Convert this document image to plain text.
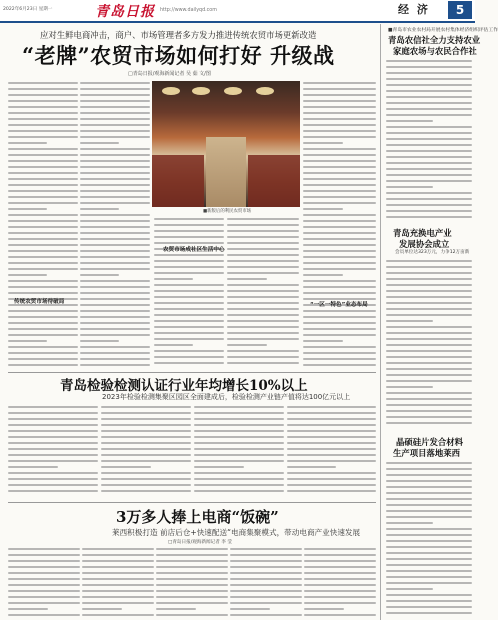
2022年6月23日 星期一	青岛日报 http://www.dailyqd.com	经 济	5
应对生鲜电商冲击，商户、市场管理者多方发力推进传统农贸市场更新改造
“老牌”农贸市场如何打好 升级战
□青岛日报/观海新闻记者 吴 茹 文/图
传统农贸市场待破局
农贸市场成社区生活中心
“一区一特色”业态布局
■新版后的利民农贸市场
青岛检验检测认证行业年均增长10%以上
2023年检验检测集聚区园区全面建成后，检验检测产业链产值将达100亿元以上
3万多人捧上电商“饭碗”
莱西积极打造 前店后仓+快速配送“电商集聚模式，带动电商产业快速发展
□青岛日报/观海新闻记者 李 莹
■青岛市农业农村局开展农村集体经济组织评估工作
青岛农信社全力支持农业
家庭农场与农民合作社
青岛充换电产业
发展协会成立
会员单位达323万元，力争12万亩新
晶硕硅片发合材料
生产项目落地莱西
